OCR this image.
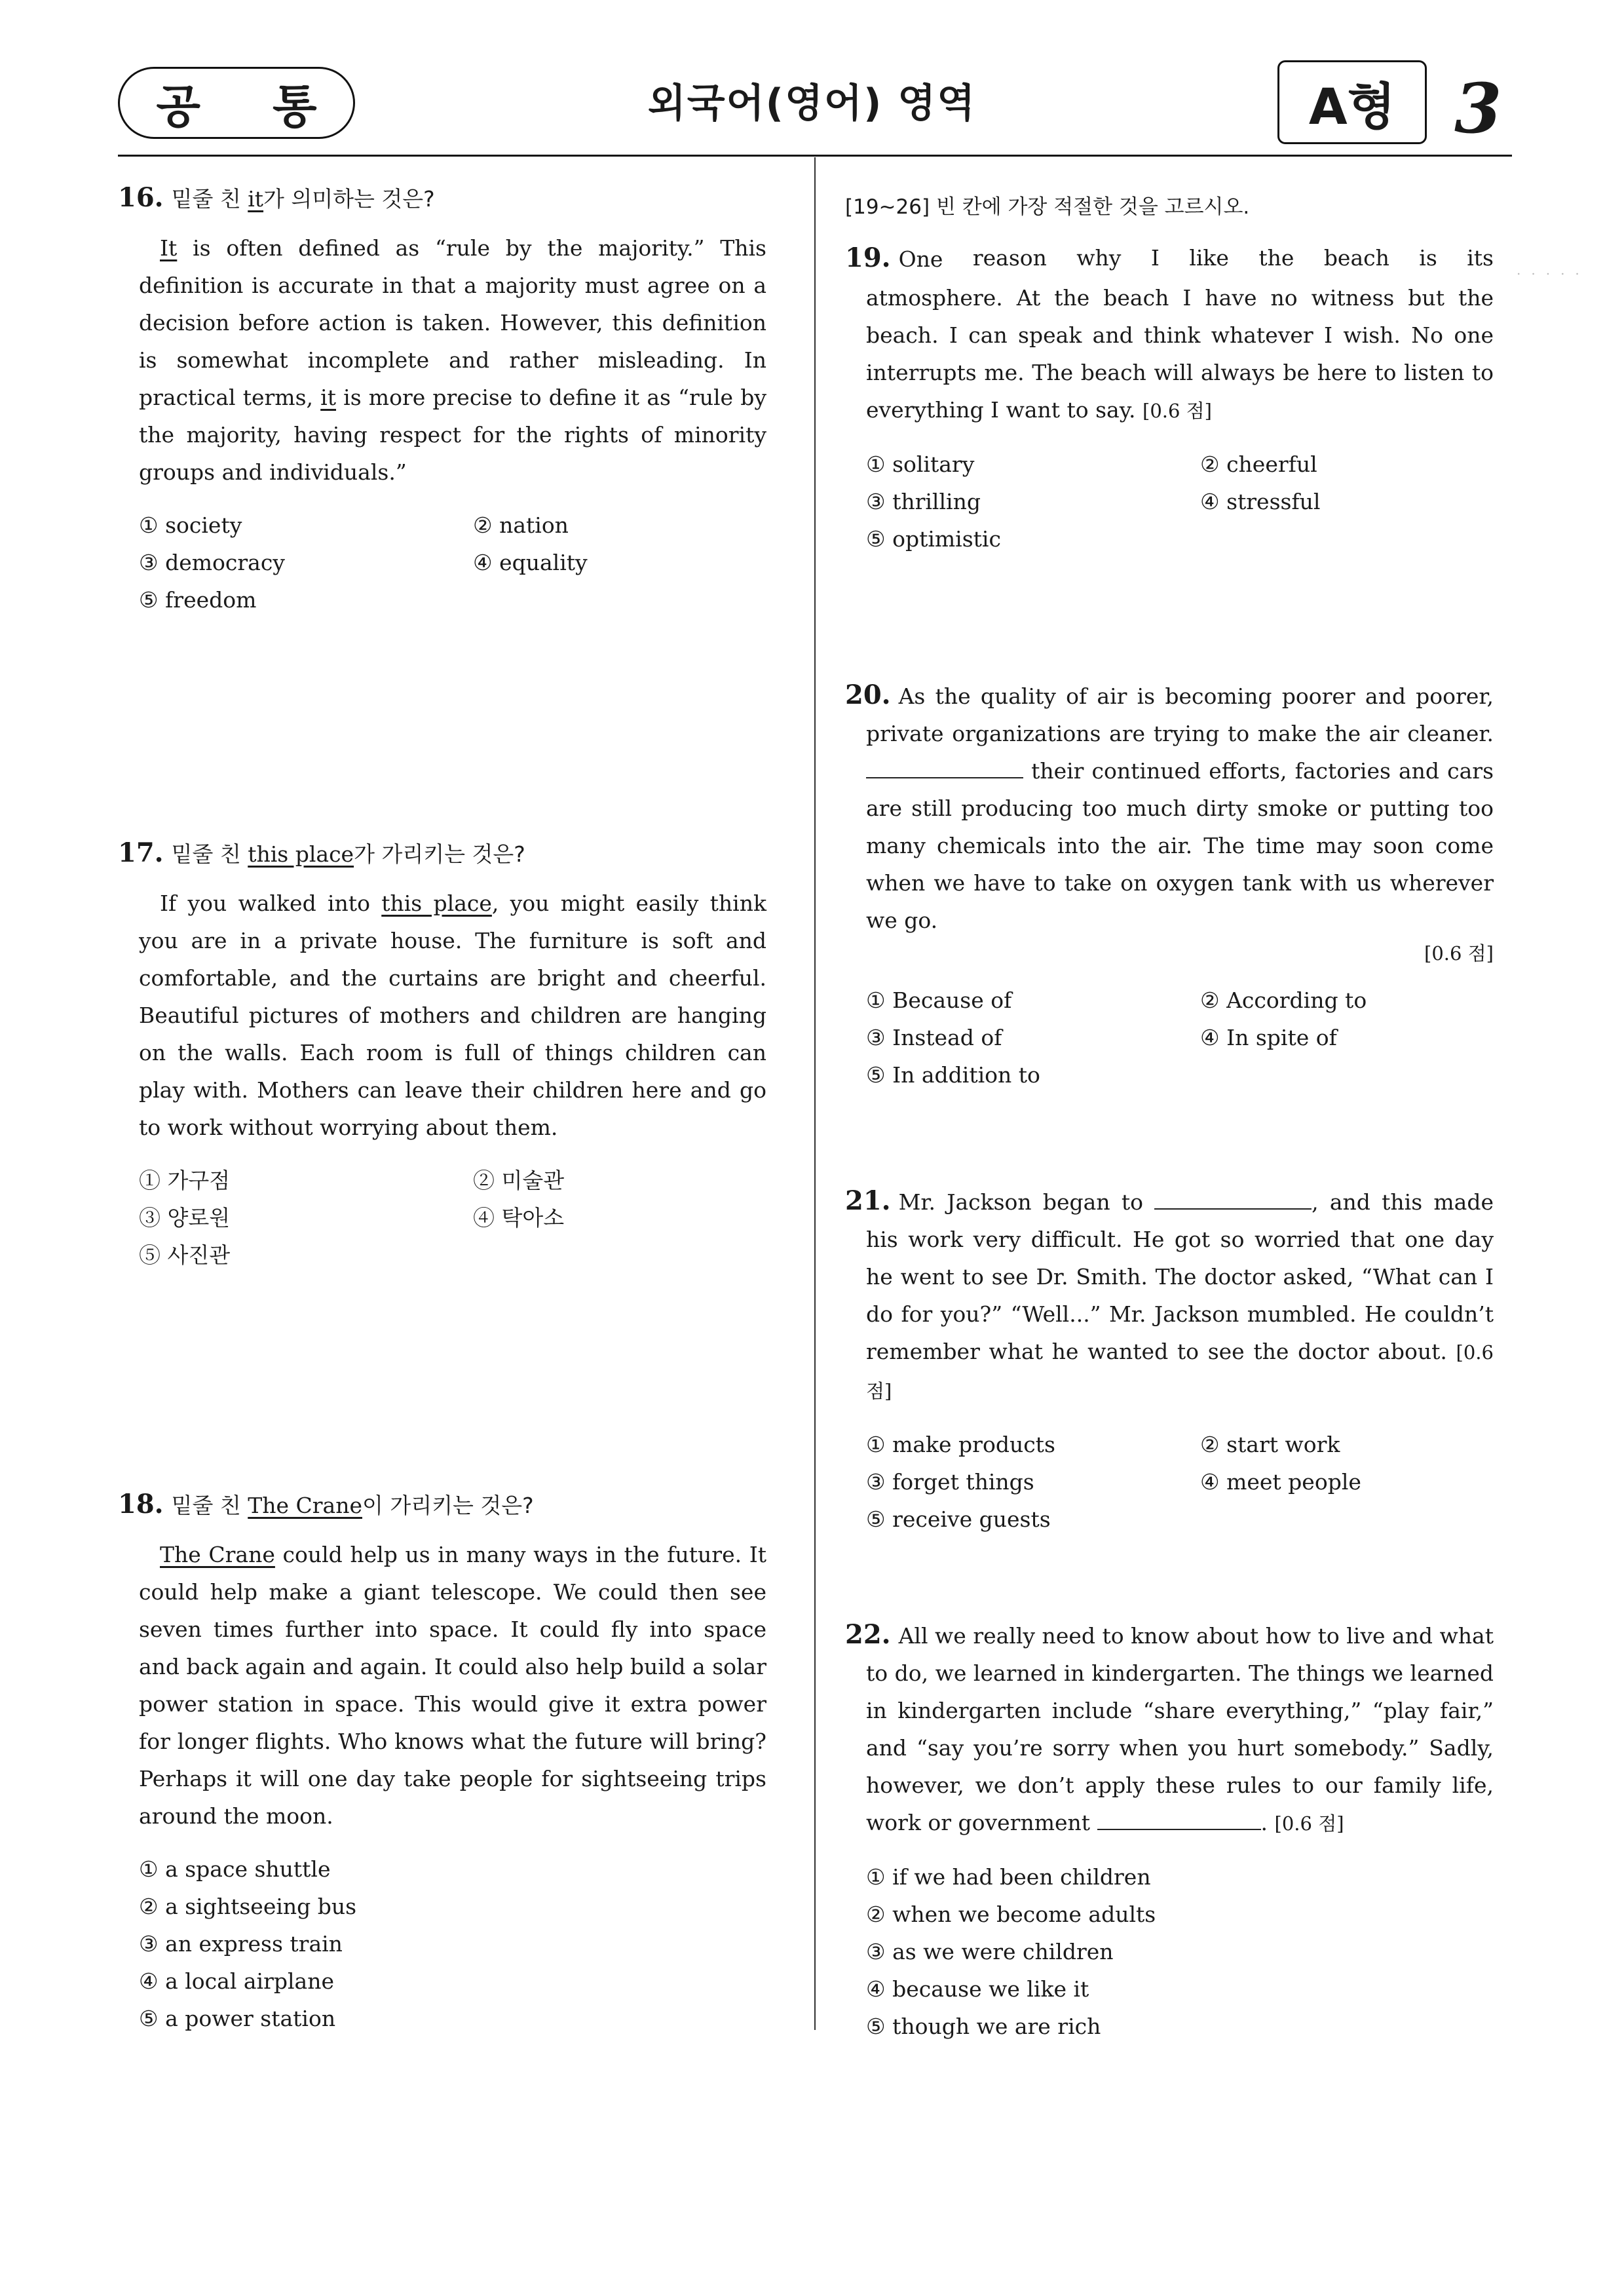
공 통	외국어(영어) 영역	A형 3
16. 밑줄 친 it가 의미하는 것은?
It is often defined as “rule by the majority.” This definition is accurate in that a majority must agree on a decision before action is taken. However, this definition is somewhat incomplete and rather misleading. In practical terms, it is more precise to define it as “rule by the majority, having respect for the rights of minority groups and individuals.”
① society	② nation
③ democracy	④ equality
⑤ freedom
17. 밑줄 친 this place가 가리키는 것은?
If you walked into this place, you might easily think you are in a private house. The furniture is soft and comfortable, and the curtains are bright and cheerful. Beautiful pictures of mothers and children are hanging on the walls. Each room is full of things children can play with. Mothers can leave their children here and go to work without worrying about them.
① 가구점	② 미술관
③ 양로원	④ 탁아소
⑤ 사진관
18. 밑줄 친 The Crane이 가리키는 것은?
The Crane could help us in many ways in the future. It could help make a giant telescope. We could then see seven times further into space. It could fly into space and back again and again. It could also help build a solar power station in space. This would give it extra power for longer flights. Who knows what the future will bring? Perhaps it will one day take people for sightseeing trips around the moon.
① a space shuttle
② a sightseeing bus
③ an express train
④ a local airplane
⑤ a power station
[19~26] 빈 칸에 가장 적절한 것을 고르시오.
19. One reason why I like the beach is its
atmosphere. At the beach I have no witness but the beach. I can speak and think whatever I wish. No one interrupts me. The beach will always be here to listen to everything I want to say. [0.6 점]
① solitary	② cheerful
③ thrilling	④ stressful
⑤ optimistic
.....
20. As the quality of air is becoming poorer and poorer, private organizations are trying to make the air cleaner.  their continued efforts, factories and cars are still producing too much dirty smoke or putting too many chemicals into the air. The time may soon come when we have to take on oxygen tank with us wherever we go.
[0.6 점]
① Because of	② According to
③ Instead of	④ In spite of
⑤ In addition to
21. Mr. Jackson began to	, and this made his work very difficult. He got so worried that one day he went to see Dr. Smith. The doctor asked, “What can I do for you?” “Well...” Mr. Jackson mumbled. He couldn’t remember what he wanted to see the doctor about. [0.6 점]
① make products	② start work
③ forget things	④ meet people
⑤ receive guests
22. All we really need to know about how to live and what to do, we learned in kindergarten. The things we learned in kindergarten include “share everything,” “play fair,” and “say you’re sorry when you hurt somebody.” Sadly, however, we don’t apply these rules to our family life, work or government	. [0.6 점]
① if we had been children
② when we become adults
③ as we were children
④ because we like it
⑤ though we are rich
